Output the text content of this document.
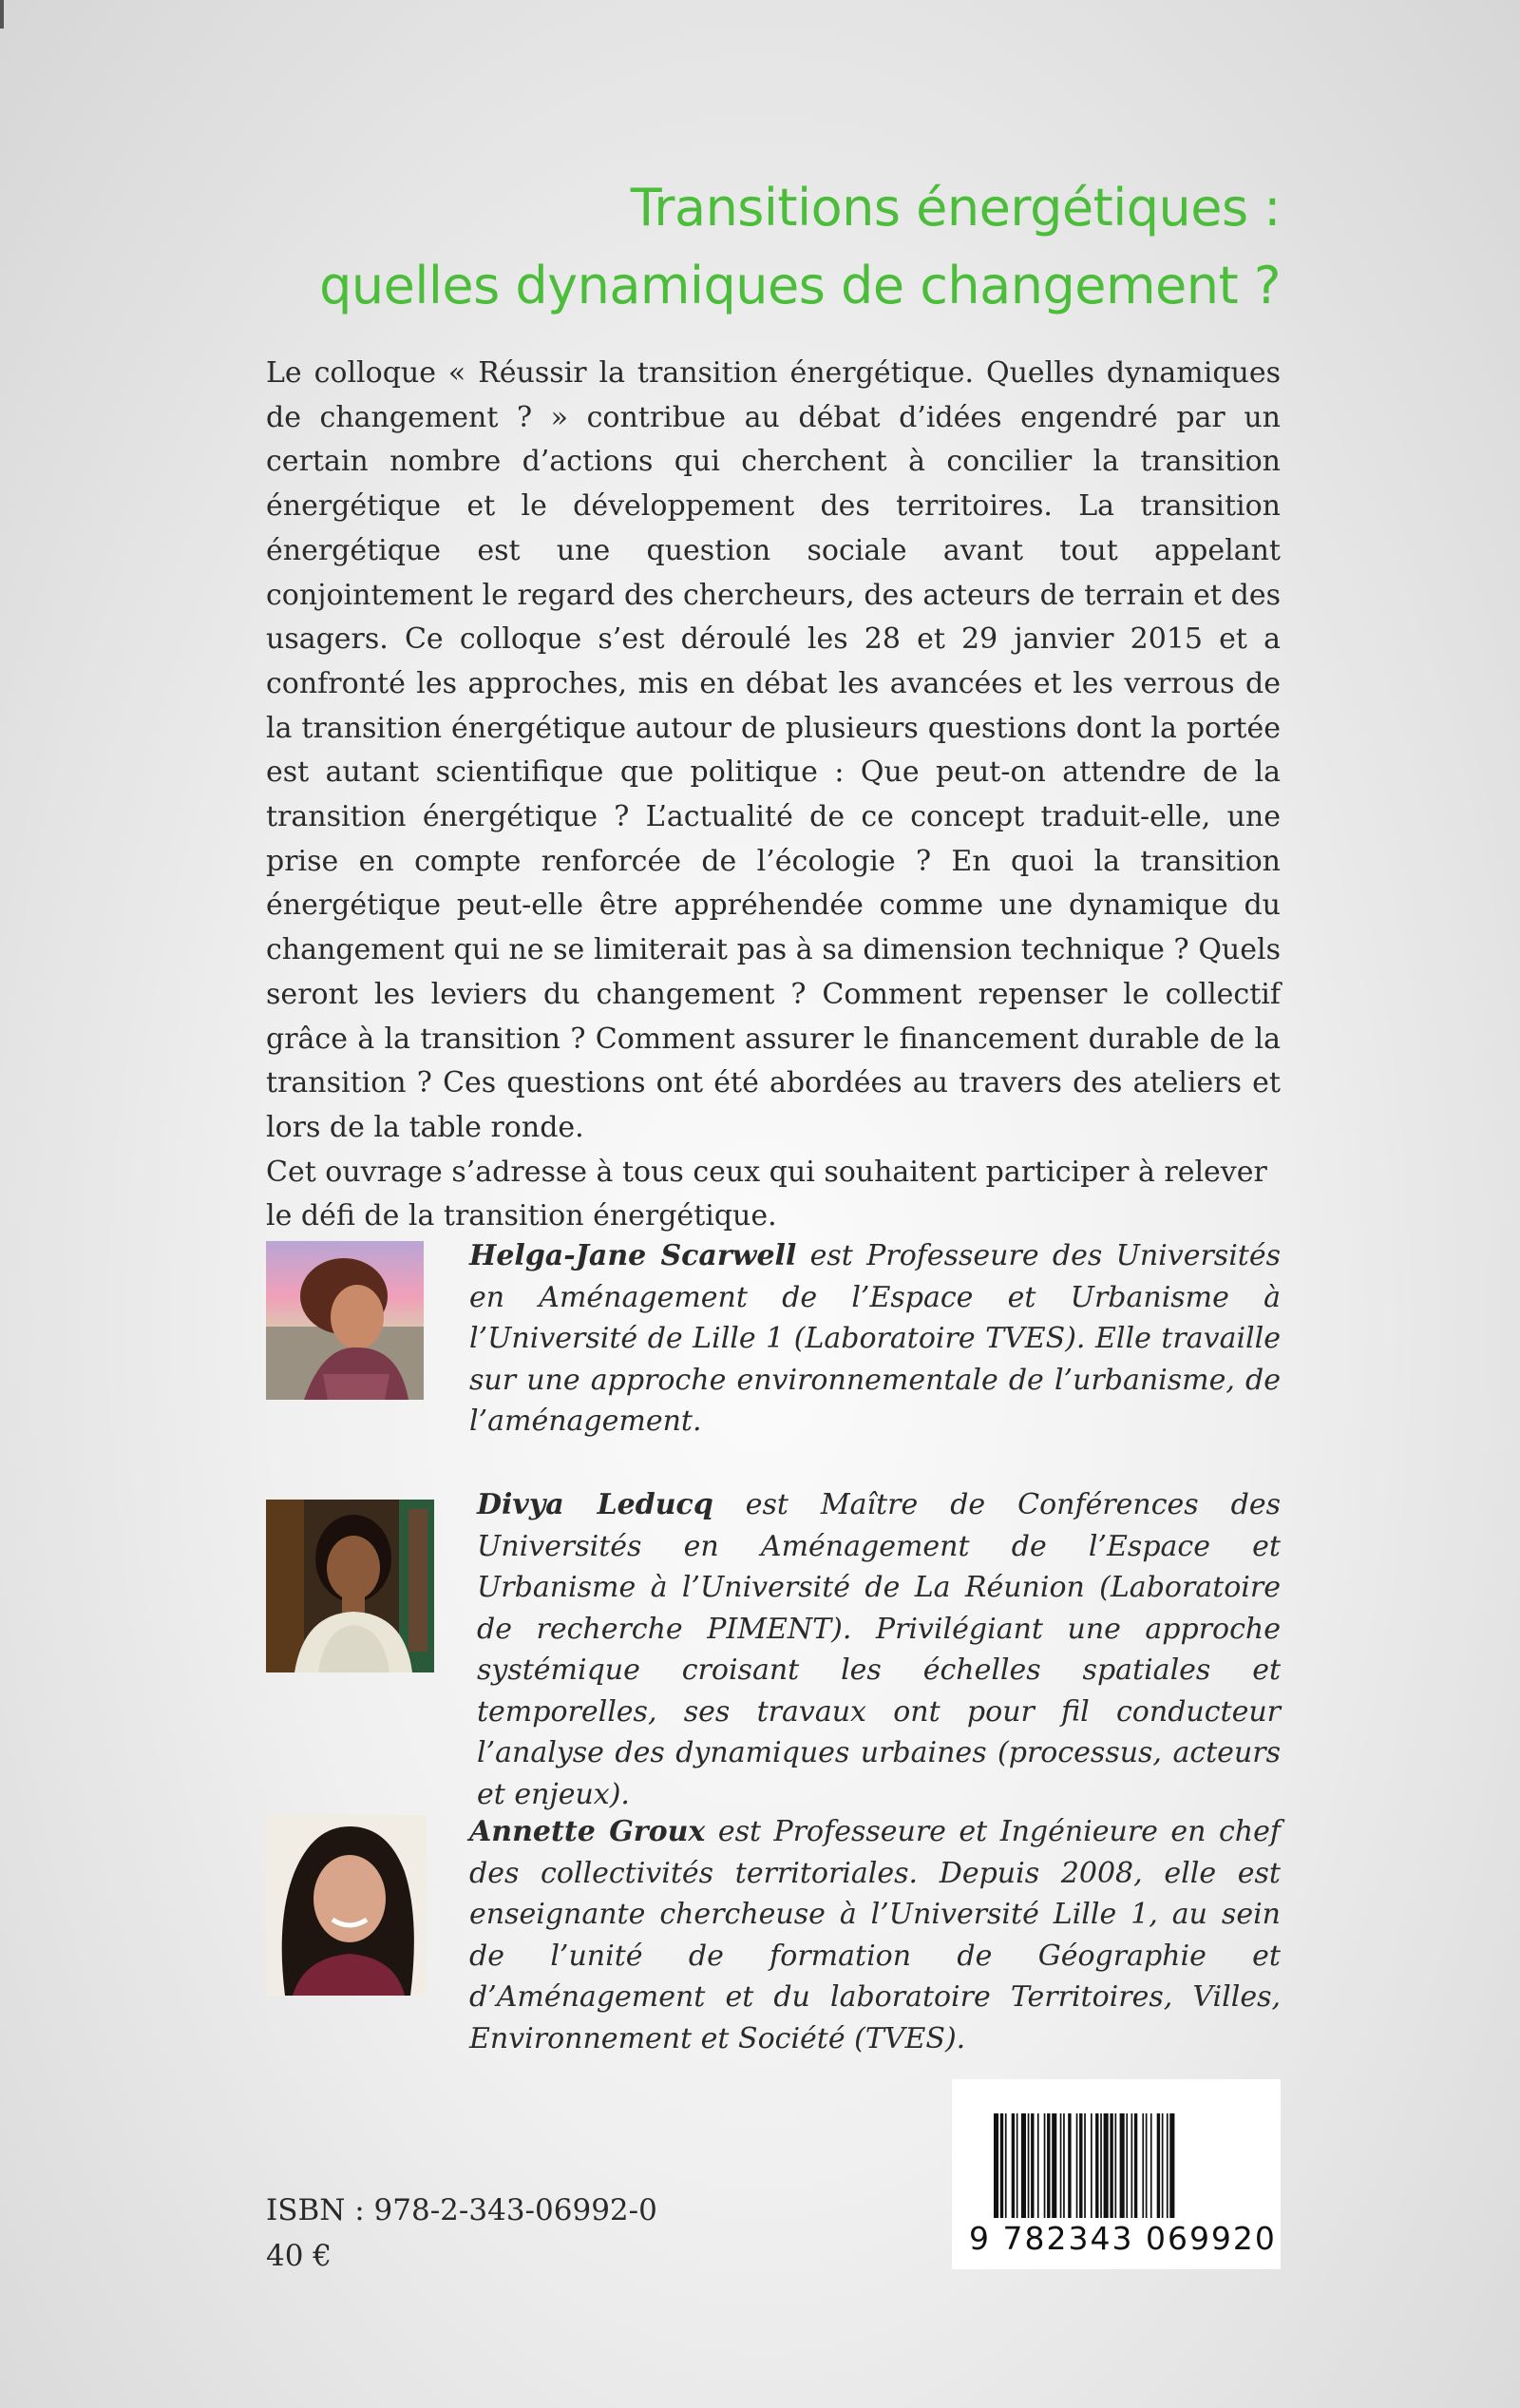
Transitions énergétiques :
quelles dynamiques de changement ?

Le colloque « Réussir la transition énergétique. Quelles dynamiques de changement ? » contribue au débat d’idées engendré par un certain nombre d’actions qui cherchent à concilier la transition énergétique et le développement des territoires. La transition énergétique est une question sociale avant tout appelant conjointement le regard des chercheurs, des acteurs de terrain et des usagers. Ce colloque s’est déroulé les 28 et 29 janvier 2015 et a confronté les approches, mis en débat les avancées et les verrous de la transition énergétique autour de plusieurs questions dont la portée est autant scientifique que politique : Que peut-on attendre de la transition énergétique ? L’actualité de ce concept traduit-elle, une prise en compte renforcée de l’écologie ? En quoi la transition énergétique peut-elle être appréhendée comme une dynamique du changement qui ne se limiterait pas à sa dimension technique ? Quels seront les leviers du changement ? Comment repenser le collectif grâce à la transition ? Comment assurer le financement durable de la transition ? Ces questions ont été abordées au travers des ateliers et lors de la table ronde.

Cet ouvrage s’adresse à tous ceux qui souhaitent participer à relever le défi de la transition énergétique.

Helga-Jane Scarwell est Professeure des Universités en Aménagement de l’Espace et Urbanisme à l’Université de Lille 1 (Laboratoire TVES). Elle travaille sur une approche environnementale de l’urbanisme, de l’aménagement.
Divya Leducq est Maître de Conférences des Universités en Aménagement de l’Espace et Urbanisme à l’Université de La Réunion (Laboratoire de recherche PIMENT). Privilégiant une approche systémique croisant les échelles spatiales et temporelles, ses travaux ont pour fil conducteur l’analyse des dynamiques urbaines (processus, acteurs et enjeux).
Annette Groux est Professeure et Ingénieure en chef des collectivités territoriales. Depuis 2008, elle est enseignante chercheuse à l’Université Lille 1, au sein de l’unité de formation de Géographie et d’Aménagement et du laboratoire Territoires, Villes, Environnement et Société (TVES).
ISBN : 978-2-343-06992-0
40 €	9 782343 069920
